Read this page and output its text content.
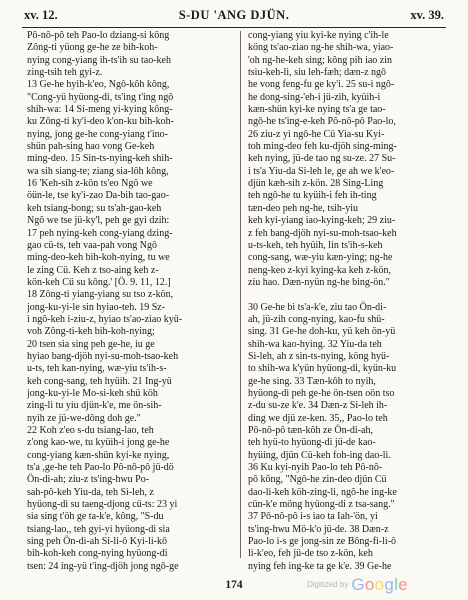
xv. 12.	S-DU 'ANG DJÜN.	xv. 39.
Pô-nô-pô teh Pao-lo dziang-si kông
Zông-ti yüong ge-he ze bih-koh-
nying cong-yiang ih-ts'ih su tao-keh
zing-tsih teh gyi-z.
13 Ge-he hyih-k'eo, Ngô-kôh kông,
"Cong-yü hyüong-di, ts'ing t'ing ngô
shih-wa: 14 Si-meng yi-kying kông-
ku Zông-ti ky'i-deo k'on-ku bih-koh-
nying, jong ge-he cong-yiang t'ino-
shün pah-sing hao vong Ge-keh
ming-deo. 15 Sin-ts-nying-keh shih-
wa sih siang-te; ziang sia-lôh kông,
16 'Keh-sih z-kön ts'eo Ngô we
öün-le, tse ky'i-zao Da-bih tao-gao-
keh tsiang-bong; su ts'ah-gao-keh
Ngô we tse jü-ky'l, peh ge gyi dzih:
17 peh nying-keh cong-yiang dzing-
gao cü-ts, teh vaa-pah vong Ngô
ming-deo-keh bih-koh-nying, tu we
le zing Cü. Keh z tso-aing keh z-
kön-keh Cü su kông.' [Ö. 9. 11, 12.]
18 Zông-ti yiang-yiang su tso z-kön,
jong-ku-yi-le sin hyiao-teh. 19 Sz-
i ngô-keh i-ziu-z, hyiao ts'ao-ziao kyü-
voh Zông-ti-keh bih-koh-nying;
20 tsen sia sing peh ge-he, iu ge
hyiao bang-djöh nyi-su-moh-tsao-keh
u-ts, teh kan-nying, wæ-yiu ts'ih-s-
keh cong-sang, teh hyüih. 21 Ing-yü
jong-ku-yi-le Mo-si-keh shü köh
zing-li tu yiu djün-k'e, me ön-sih-
nyih ze jü-we-dông doh ge."
22 Koh z'eo s-du tsiang-lao, teh
z'ong kao-we, tu kyüih-i jong ge-he
cong-yiang kæn-shün kyi-ke nying,
ts'a ,ge-he teh Pao-lo Pô-nô-pô jü-dö
Ön-di-ah; ziu-z ts'ing-hwu Po-
sah-pô-keh Yiu-da, teh Si-leh, z
hyüong-di su taeng-djong cü-ts: 23 yi
sia sing t'öh ge ta-k'e, kông, "S-du
tsiang-lao,, teh gyi-yi hyüong-di sia
sing peh Ön-di-ah Si-li-ô Kyi-li-kô
bih-koh-keh cong-nying hyüong-di
tsen: 24 ing-yü t'ing-djöh jong ngô-ge
cong-yiang yiu kyi-ke nying c'ih-le
köng ts'ao-ziao ng-he shih-wa, yiao-
'oh ng-he-keh sing; kông pih iao zin
tsiu-keh-li, siu leh-fæh; dæn-z ngô
he vong feng-fu ge ky'i. 25 su-i ngô-
he dong-sing-'eh-i jü-zih, kyüih-i
kæn-shün kyi-ke nying ts'a ge tao-
ngô-he ts'ing-e-keh Pô-nô-pô Pao-lo,
26 ziu-z yi ngô-he Cü Yia-su Kyi-
toh ming-deo feh ku-djöh sing-ming-
keh nying, jü-de tao ng su-ze. 27 Su-
i ts'a Yiu-da Si-leh le, ge ah we k'eo-
djün kæh-sih z-kön. 28 Sing-Ling
teh ngô-he tu kyüih-i feh ih-ting
tæn-deo peh ng-he, tsih-yiu
keh kyi-yiang iao-kying-keh; 29 ziu-
z feh bang-djöh nyi-su-moh-tsao-keh
u-ts-keh, teh hyüih, lin ts'ih-s-keh
cong-sang, wæ-yiu kæn-ying; ng-he
neng-keo z-kyi kying-ka keh z-kön,
ziu hao. Dæn-nyün ng-he bing-ön."
30 Ge-he bi ts'a-k'e, ziu tao Ön-di-
ah, jü-zih cong-nying, kao-fu shü-
sing. 31 Ge-he doh-ku, yü keh ön-yü
shih-wa kao-hying. 32 Yiu-da teh
Si-leh, ah z sin-ts-nying, köng hyü-
to shih-wa k'yün hyüong-di, kyün-ku
ge-he sing. 33 Tæn-kôh to nyih,
hyüong-di peh ge-he ön-tsen oön tso
z-du su-ze k'e. 34 Dæn-z Si-leh ih-
ding we djü ze-ken. 35,, Pao-lo teh
Pô-nô-pô tæn-kôh ze Ön-di-ah,
teh hyü-to hyüong-di jü-de kao-
hyüing, djün Cü-keh foh-ing dao-li.
36 Ku kyi-nyih Pao-lo teh Pô-nô-
pô kông, "Ngô-he zin-deo djün Cü
dao-li-keh köh-zing-li, ngô-he ing-ke
cün-k'e möng hyüong-di z tsa-sang."
37 Pô-nô-pô i-s iao ta Iah-'ön, yi
ts'ing-hwu Mö-k'o jü-de. 38 Dæn-z
Pao-lo i-s ge jong-sin ze Bông-fi-li-ô
li-k'eo, feh jü-de tso z-kön, keh
nying feh ing-ke ta ge k'e. 39 Ge-he
174	Digitized by Google
